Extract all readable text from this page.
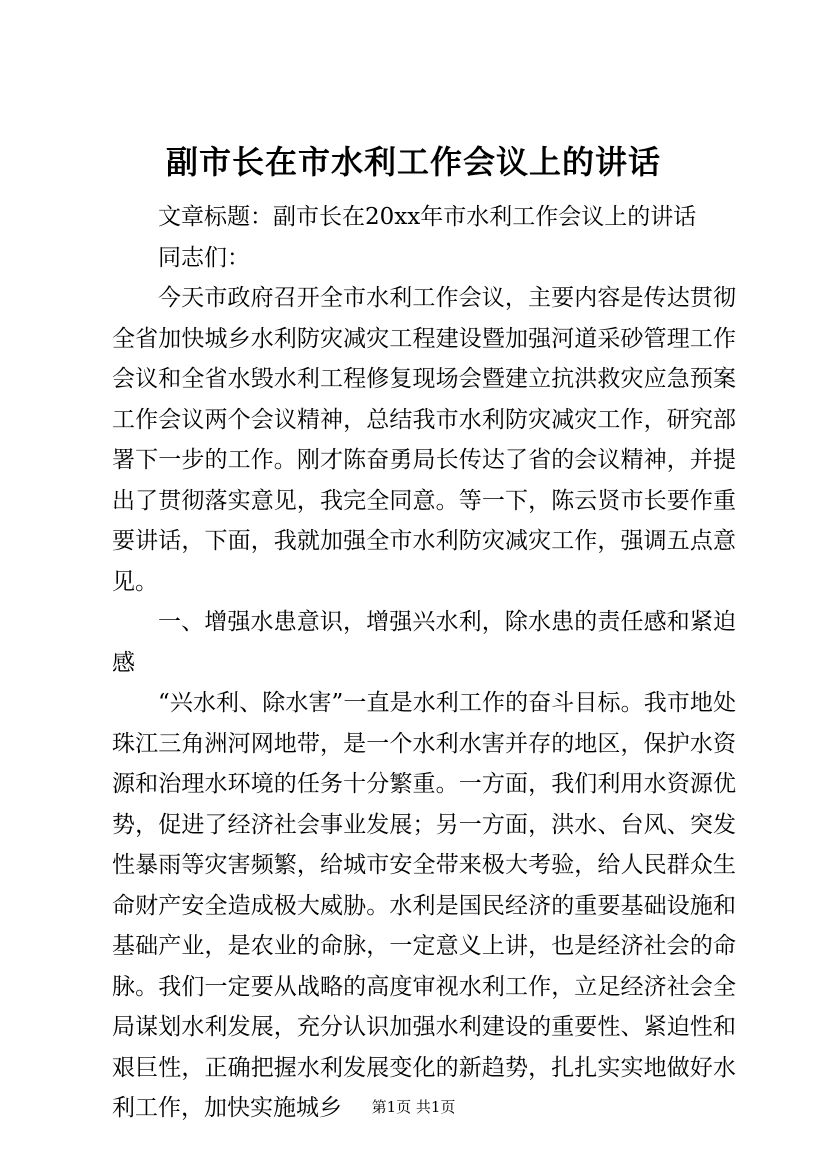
副市长在市水利工作会议上的讲话

文章标题：副市长在20xx年市水利工作会议上的讲话

同志们：

今天市政府召开全市水利工作会议，主要内容是传达贯彻全省加快城乡水利防灾减灾工程建设暨加强河道采砂管理工作会议和全省水毁水利工程修复现场会暨建立抗洪救灾应急预案工作会议两个会议精神，总结我市水利防灾减灾工作，研究部署下一步的工作。刚才陈奋勇局长传达了省的会议精神，并提出了贯彻落实意见，我完全同意。等一下，陈云贤市长要作重要讲话，下面，我就加强全市水利防灾减灾工作，强调五点意见。

一、增强水患意识，增强兴水利，除水患的责任感和紧迫感

“兴水利、除水害”一直是水利工作的奋斗目标。我市地处珠江三角洲河网地带，是一个水利水害并存的地区，保护水资源和治理水环境的任务十分繁重。一方面，我们利用水资源优势，促进了经济社会事业发展；另一方面，洪水、台风、突发性暴雨等灾害频繁，给城市安全带来极大考验，给人民群众生命财产安全造成极大威胁。水利是国民经济的重要基础设施和基础产业，是农业的命脉，一定意义上讲，也是经济社会的命脉。我们一定要从战略的高度审视水利工作，立足经济社会全局谋划水利发展，充分认识加强水利建设的重要性、紧迫性和艰巨性，正确把握水利发展变化的新趋势，扎扎实实地做好水利工作，加快实施城乡	第1页 共1页
